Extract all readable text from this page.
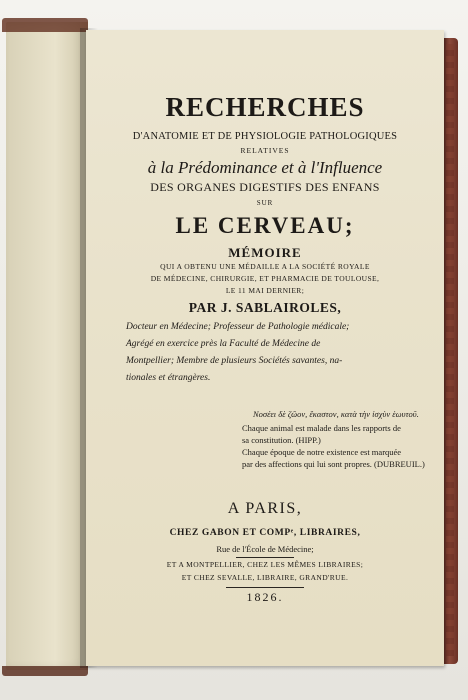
RECHERCHES
D'ANATOMIE ET DE PHYSIOLOGIE PATHOLOGIQUES
RELATIVES
à la Prédominance et à l'Influence
DES ORGANES DIGESTIFS DES ENFANS
SUR
LE CERVEAU;
MÉMOIRE
QUI A OBTENU UNE MÉDAILLE A LA SOCIÉTÉ ROYALE
DE MÉDECINE, CHIRURGIE, ET PHARMACIE DE TOULOUSE,
LE 11 MAI DERNIER;
PAR J. SABLAIROLES,
Docteur en Médecine; Professeur de Pathologie médicale;
Agrégé en exercice près la Faculté de Médecine de
Montpellier; Membre de plusieurs Sociétés savantes, na-
tionales et étrangères.
Νοσέει δὲ ζῶον, ἕκαστον, κατὰ τὴν ἰσχὺν ἑωυτοῦ.
Chaque animal est malade dans les rapports de
sa constitution. (HIPP.)
Chaque époque de notre existence est marquée
par des affections qui lui sont propres. (DUBREUIL.)
A PARIS,
CHEZ GABON ET COMPᵉ, LIBRAIRES,
Rue de l'École de Médecine;
ET A MONTPELLIER, CHEZ LES MÊMES LIBRAIRES;
ET CHEZ SEVALLE, LIBRAIRE, GRAND'RUE.
1826.
